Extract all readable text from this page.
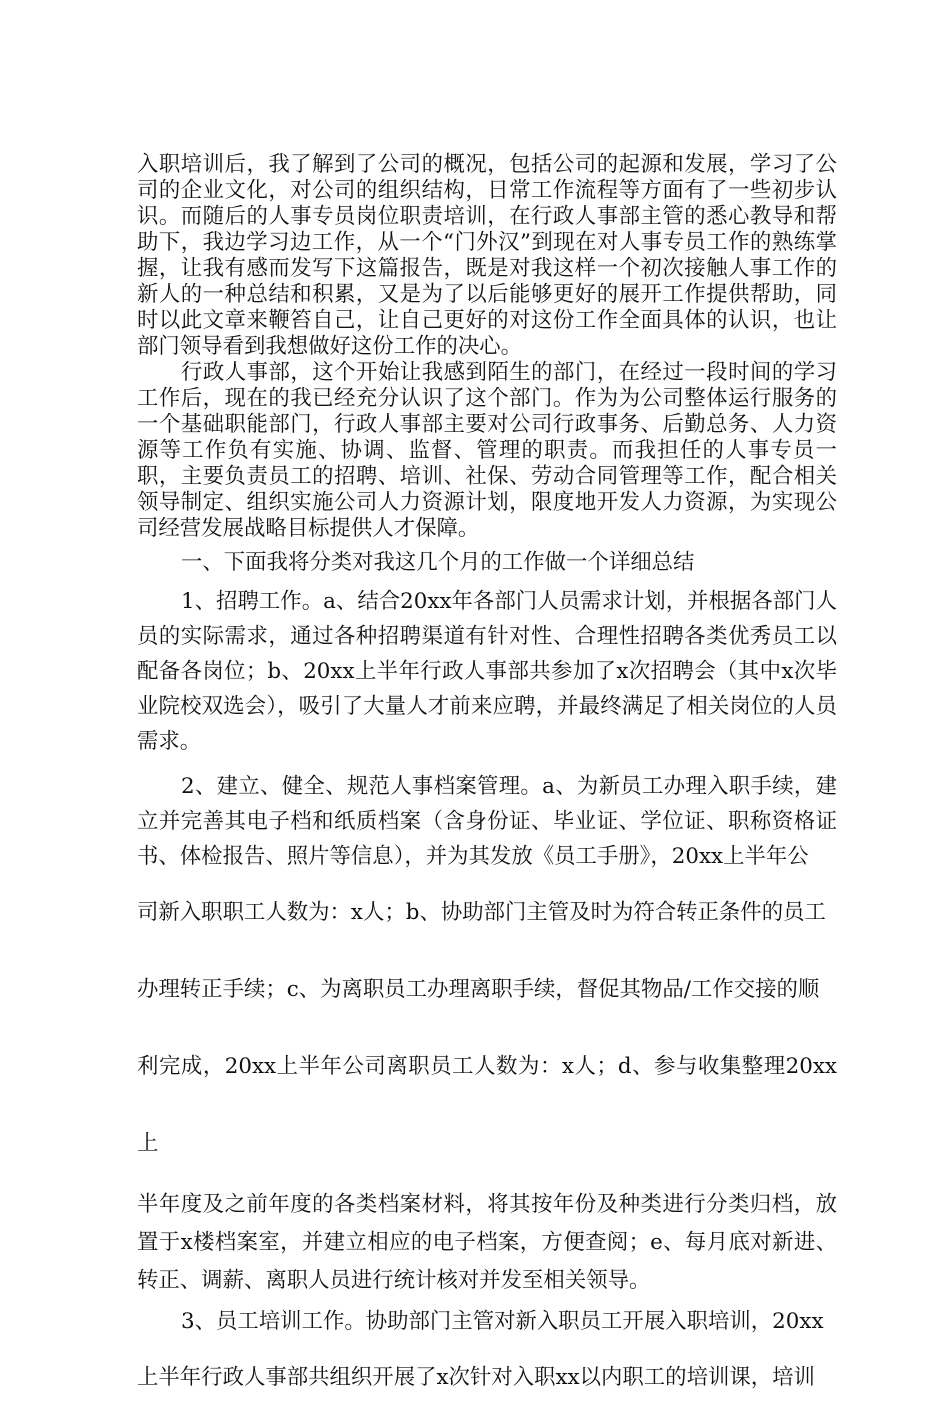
入职培训后，我了解到了公司的概况，包括公司的起源和发展，学习了公司的企业文化，对公司的组织结构，日常工作流程等方面有了一些初步认识。而随后的人事专员岗位职责培训，在行政人事部主管的悉心教导和帮助下，我边学习边工作，从一个“门外汉”到现在对人事专员工作的熟练掌握，让我有感而发写下这篇报告，既是对我这样一个初次接触人事工作的新人的一种总结和积累，又是为了以后能够更好的展开工作提供帮助，同时以此文章来鞭笞自己，让自己更好的对这份工作全面具体的认识，也让部门领导看到我想做好这份工作的决心。

行政人事部，这个开始让我感到陌生的部门，在经过一段时间的学习工作后，现在的我已经充分认识了这个部门。作为为公司整体运行服务的一个基础职能部门，行政人事部主要对公司行政事务、后勤总务、人力资源等工作负有实施、协调、监督、管理的职责。而我担任的人事专员一职，主要负责员工的招聘、培训、社保、劳动合同管理等工作，配合相关领导制定、组织实施公司人力资源计划，限度地开发人力资源，为实现公司经营发展战略目标提供人才保障。

一、下面我将分类对我这几个月的工作做一个详细总结

1、招聘工作。a、结合20xx年各部门人员需求计划，并根据各部门人员的实际需求，通过各种招聘渠道有针对性、合理性招聘各类优秀员工以配备各岗位；b、20xx上半年行政人事部共参加了x次招聘会（其中x次毕业院校双选会），吸引了大量人才前来应聘，并最终满足了相关岗位的人员需求。

2、建立、健全、规范人事档案管理。a、为新员工办理入职手续，建立并完善其电子档和纸质档案（含身份证、毕业证、学位证、职称资格证书、体检报告、照片等信息），并为其发放《员工手册》，20xx上半年公

司新入职职工人数为：x人；b、协助部门主管及时为符合转正条件的员工

办理转正手续；c、为离职员工办理离职手续，督促其物品/工作交接的顺

利完成，20xx上半年公司离职员工人数为：x人；d、参与收集整理20xx上

半年度及之前年度的各类档案材料，将其按年份及种类进行分类归档，放置于x楼档案室，并建立相应的电子档案，方便查阅；e、每月底对新进、转正、调薪、离职人员进行统计核对并发至相关领导。

3、员工培训工作。协助部门主管对新入职员工开展入职培训，20xx

上半年行政人事部共组织开展了x次针对入职xx以内职工的培训课，培训
